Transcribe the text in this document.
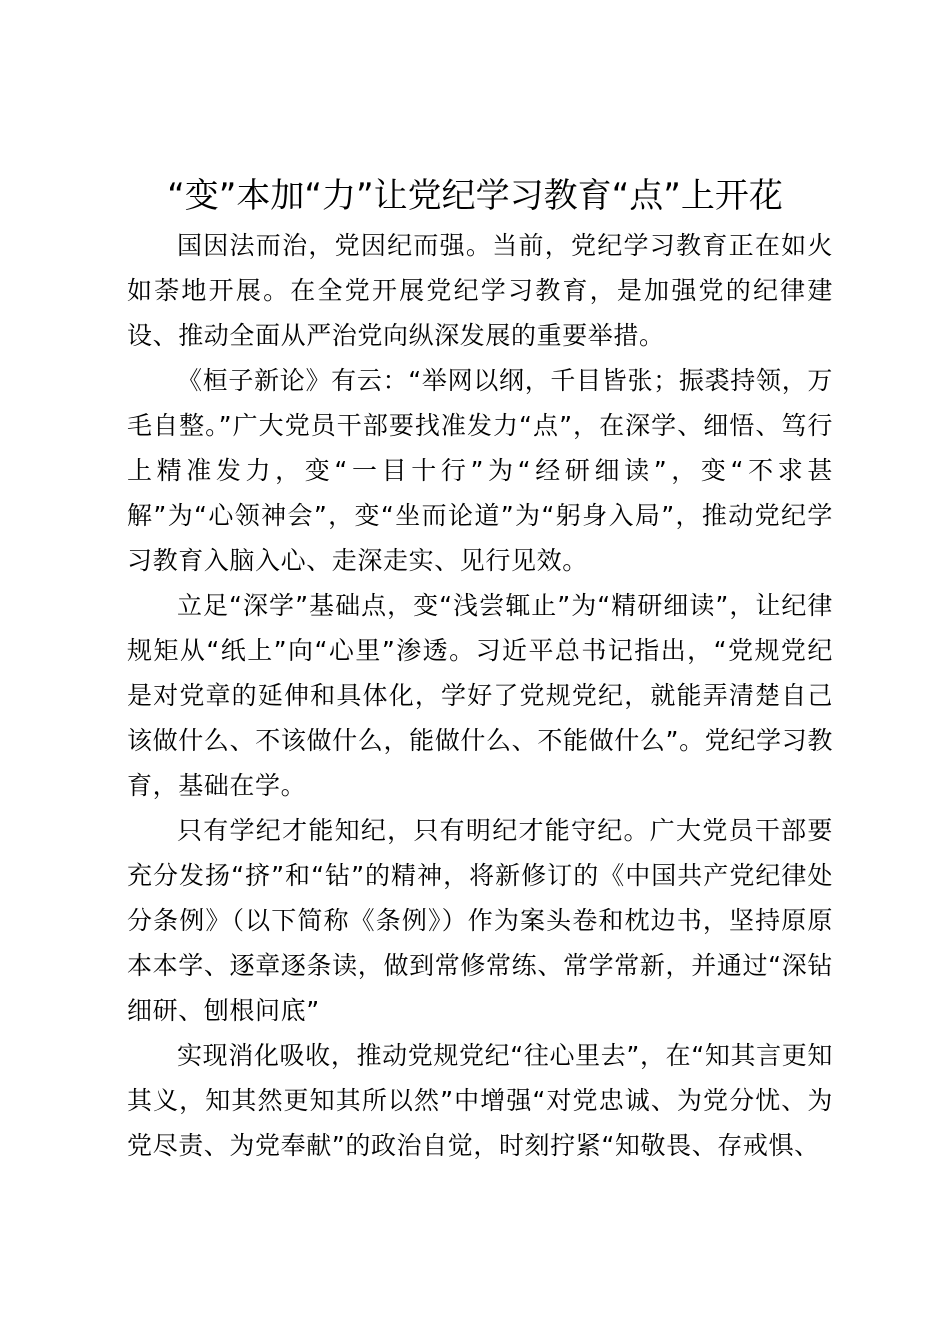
“变”本加“力”让党纪学习教育“点”上开花

国因法而治，党因纪而强。当前，党纪学习教育正在如火如荼地开展。在全党开展党纪学习教育，是加强党的纪律建设、推动全面从严治党向纵深发展的重要举措。

《桓子新论》有云：“举网以纲，千目皆张；振裘持领，万毛自整。”广大党员干部要找准发力“点”，在深学、细悟、笃行上精准发力，变“一目十行”为“经研细读”，变“不求甚解”为“心领神会”，变“坐而论道”为“躬身入局”，推动党纪学习教育入脑入心、走深走实、见行见效。

立足“深学”基础点，变“浅尝辄止”为“精研细读”，让纪律规矩从“纸上”向“心里”渗透。习近平总书记指出，“党规党纪是对党章的延伸和具体化，学好了党规党纪，就能弄清楚自己该做什么、不该做什么，能做什么、不能做什么”。党纪学习教育，基础在学。

只有学纪才能知纪，只有明纪才能守纪。广大党员干部要充分发扬“挤”和“钻”的精神，将新修订的《中国共产党纪律处分条例》（以下简称《条例》）作为案头卷和枕边书，坚持原原本本学、逐章逐条读，做到常修常练、常学常新，并通过“深钻细研、刨根问底”

实现消化吸收，推动党规党纪“往心里去”，在“知其言更知其义，知其然更知其所以然”中增强“对党忠诚、为党分忧、为党尽责、为党奉献”的政治自觉，时刻拧紧“知敬畏、存戒惧、
